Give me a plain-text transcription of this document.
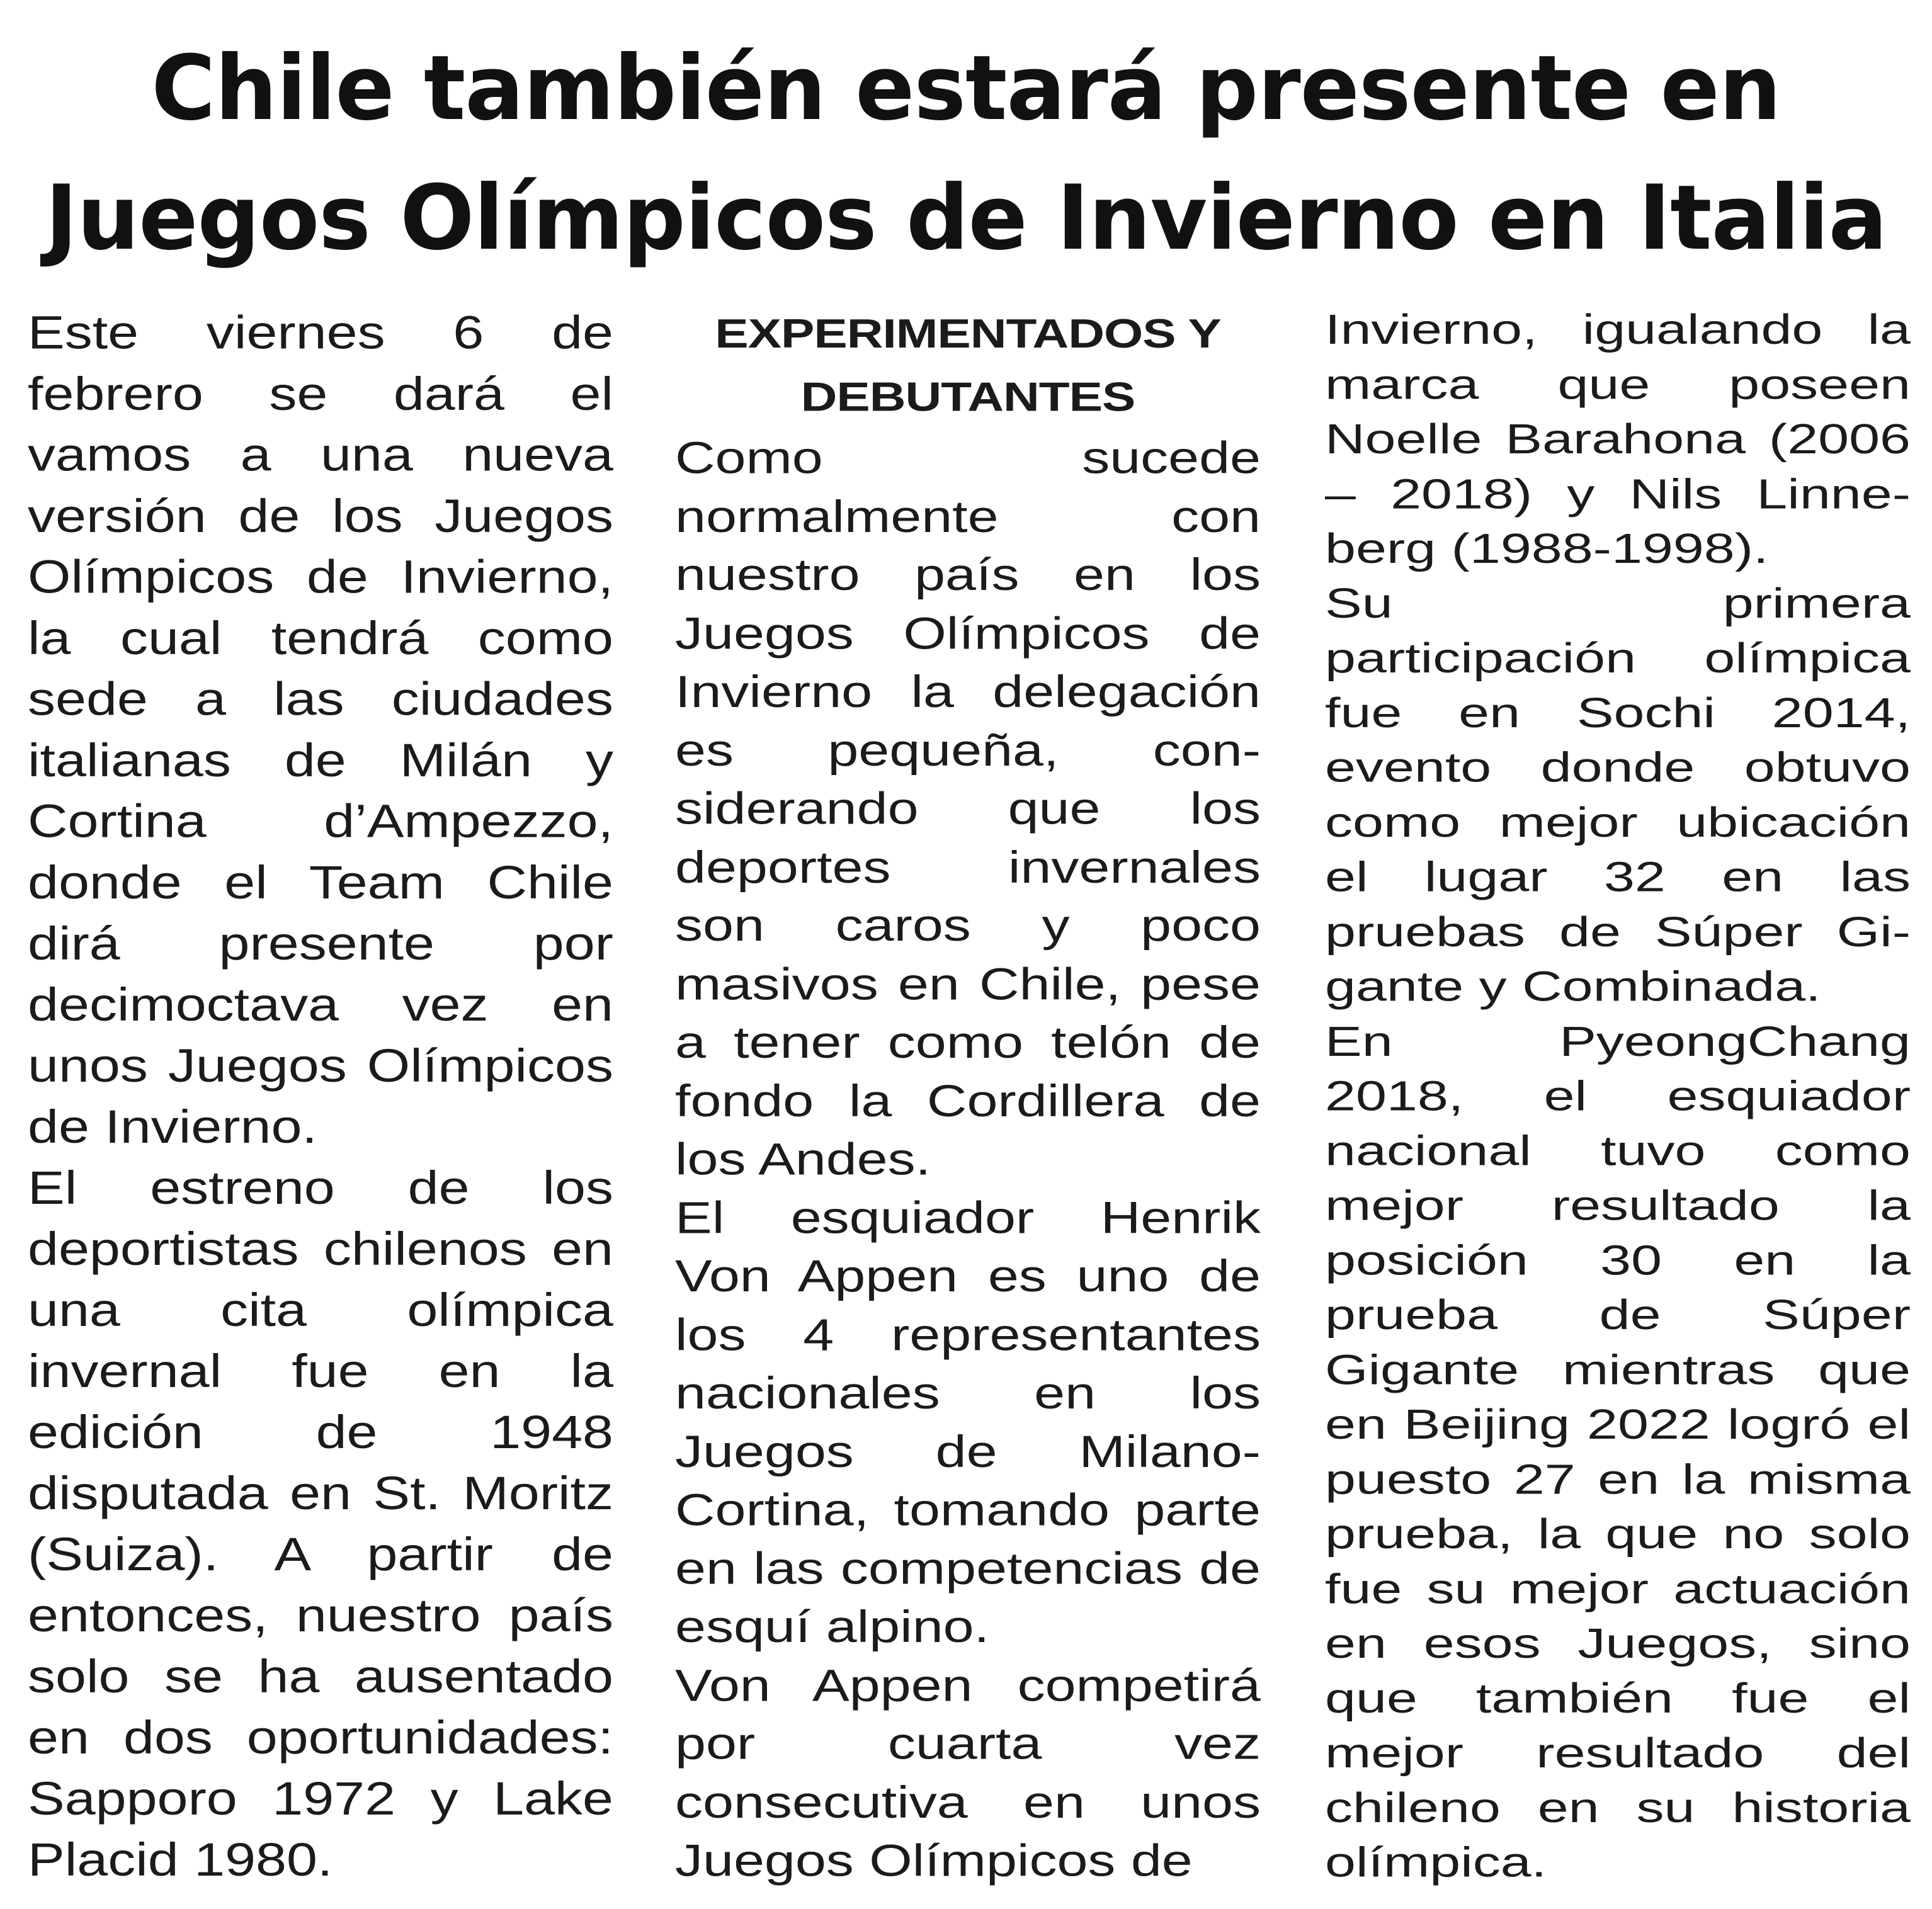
Chile también estará presente en
Juegos Olímpicos de Invierno en Italia

Este viernes 6 de febrero se dará el vamos a una nueva versión de los Juegos Olímpicos de Invierno, la cual tendrá como sede a las ciudades italianas de Milán y Cortina d’Ampezzo, donde el Team Chile dirá presente por decimoctava vez en unos Juegos Olímpicos de Invierno.

El estreno de los deportistas chilenos en una cita olímpica invernal fue en la edición de 1948 disputada en St. Moritz (Suiza). A partir de entonces, nuestro país solo se ha ausentado en dos oportunidades: Sapporo 1972 y Lake Placid 1980.

EXPERIMENTADOS Y
DEBUTANTES

Como sucede normalmente con nuestro país en los Juegos Olímpicos de Invierno la delegación es pequeña, considerando que los deportes invernales son caros y poco masivos en Chile, pese a tener como telón de fondo la Cordillera de los Andes.

El esquiador Henrik Von Appen es uno de los 4 representantes nacionales en los Juegos de Milano-Cortina, tomando parte en las competencias de esquí alpino.

Von Appen competirá por cuarta vez consecutiva en unos Juegos Olímpicos de

Invierno, igualando la marca que poseen Noelle Barahona (2006 – 2018) y Nils Linneberg (1988-1998).

Su primera participación olímpica fue en Sochi 2014, evento donde obtuvo como mejor ubicación el lugar 32 en las pruebas de Súper Gigante y Combinada.

En PyeongChang 2018, el esquiador nacional tuvo como mejor resultado la posición 30 en la prueba de Súper Gigante mientras que en Beijing 2022 logró el puesto 27 en la misma prueba, la que no solo fue su mejor actuación en esos Juegos, sino que también fue el mejor resultado del chileno en su historia olímpica.
